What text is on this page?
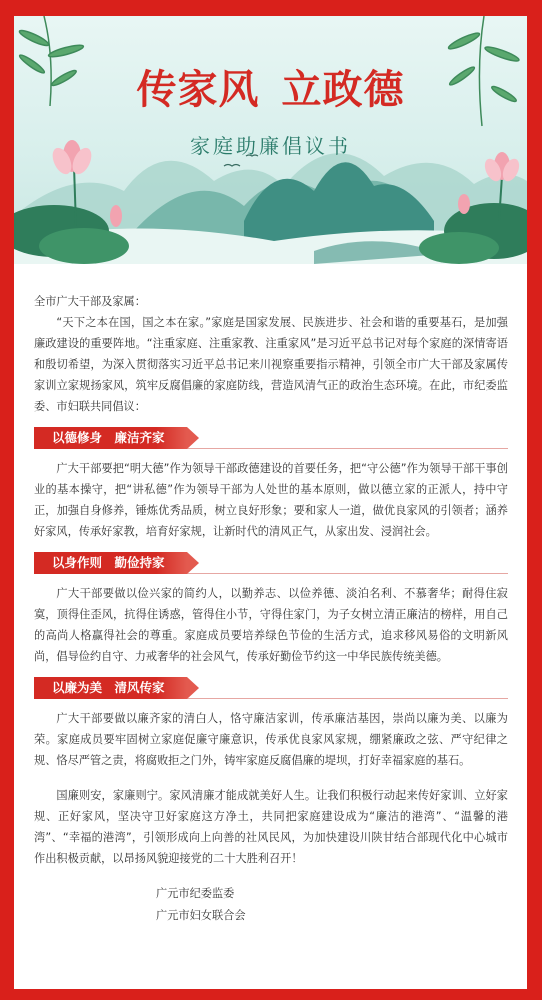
传家风 立政德
家庭助廉倡议书

全市广大干部及家属：

“天下之本在国，国之本在家。”家庭是国家发展、民族进步、社会和谐的重要基石，是加强廉政建设的重要阵地。“注重家庭、注重家教、注重家风”是习近平总书记对每个家庭的深情寄语和殷切希望，为深入贯彻落实习近平总书记来川视察重要指示精神，引领全市广大干部及家属传家训立家规扬家风，筑牢反腐倡廉的家庭防线，营造风清气正的政治生态环境。在此，市纪委监委、市妇联共同倡议：

以德修身　廉洁齐家

广大干部要把“明大德”作为领导干部政德建设的首要任务，把“守公德”作为领导干部干事创业的基本操守，把“讲私德”作为领导干部为人处世的基本原则，做以德立家的正派人，持中守正，加强自身修养，锤炼优秀品质，树立良好形象；要和家人一道，做优良家风的引领者；涵养好家风，传承好家教，培育好家规，让新时代的清风正气，从家出发、浸润社会。

以身作则　勤俭持家

广大干部要做以俭兴家的简约人，以勤养志、以俭养德、淡泊名利、不慕奢华；耐得住寂寞，顶得住歪风，抗得住诱惑，管得住小节，守得住家门，为子女树立清正廉洁的榜样，用自己的高尚人格赢得社会的尊重。家庭成员要培养绿色节俭的生活方式，追求移风易俗的文明新风尚，倡导俭约自守、力戒奢华的社会风气，传承好勤俭节约这一中华民族传统美德。

以廉为美　清风传家

广大干部要做以廉齐家的清白人，恪守廉洁家训，传承廉洁基因，崇尚以廉为美、以廉为荣。家庭成员要牢固树立家庭促廉守廉意识，传承优良家风家规，绷紧廉政之弦、严守纪律之规、恪尽严管之责，将腐败拒之门外，铸牢家庭反腐倡廉的堤坝，打好幸福家庭的基石。

国廉则安，家廉则宁。家风清廉才能成就美好人生。让我们积极行动起来传好家训、立好家规、正好家风，坚决守卫好家庭这方净土，共同把家庭建设成为“廉洁的港湾”、“温馨的港湾”、“幸福的港湾”，引领形成向上向善的社风民风，为加快建设川陕甘结合部现代化中心城市作出积极贡献，以昂扬风貌迎接党的二十大胜利召开！

广元市纪委监委
广元市妇女联合会
